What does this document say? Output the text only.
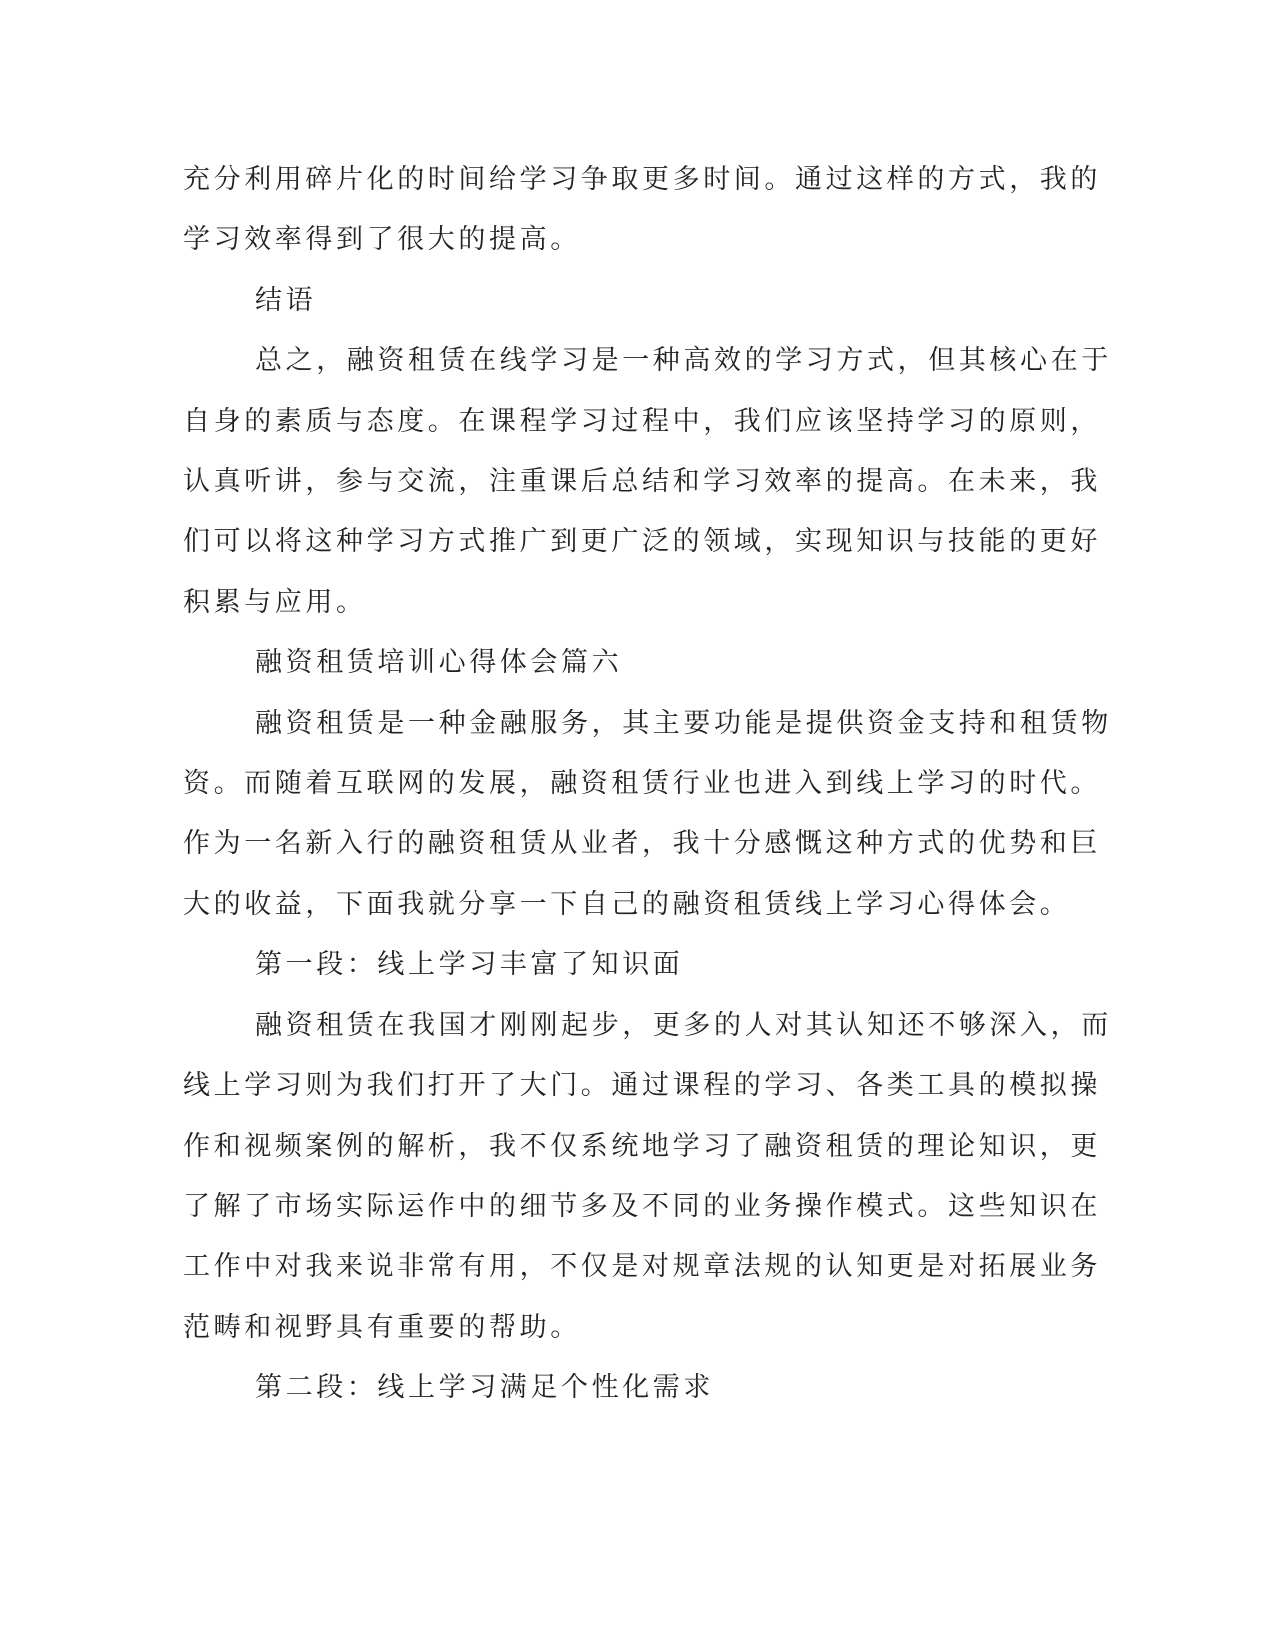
充分利用碎片化的时间给学习争取更多时间。通过这样的方式，我的
学习效率得到了很大的提高。

结语

总之，融资租赁在线学习是一种高效的学习方式，但其核心在于
自身的素质与态度。在课程学习过程中，我们应该坚持学习的原则，
认真听讲，参与交流，注重课后总结和学习效率的提高。在未来，我
们可以将这种学习方式推广到更广泛的领域，实现知识与技能的更好
积累与应用。

融资租赁培训心得体会篇六

融资租赁是一种金融服务，其主要功能是提供资金支持和租赁物
资。而随着互联网的发展，融资租赁行业也进入到线上学习的时代。
作为一名新入行的融资租赁从业者，我十分感慨这种方式的优势和巨
大的收益，下面我就分享一下自己的融资租赁线上学习心得体会。

第一段：线上学习丰富了知识面

融资租赁在我国才刚刚起步，更多的人对其认知还不够深入，而
线上学习则为我们打开了大门。通过课程的学习、各类工具的模拟操
作和视频案例的解析，我不仅系统地学习了融资租赁的理论知识，更
了解了市场实际运作中的细节多及不同的业务操作模式。这些知识在
工作中对我来说非常有用，不仅是对规章法规的认知更是对拓展业务
范畴和视野具有重要的帮助。

第二段：线上学习满足个性化需求
